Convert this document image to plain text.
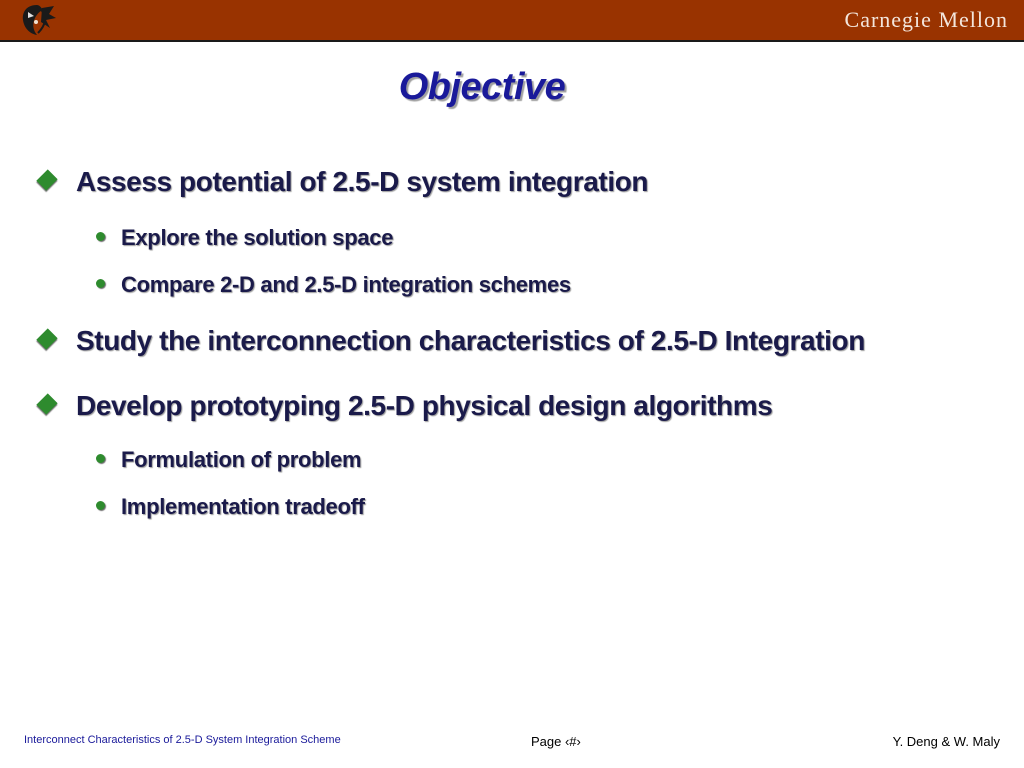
Carnegie Mellon
Objective
Assess potential of 2.5-D system integration
Explore the solution space
Compare 2-D and 2.5-D integration schemes
Study the interconnection characteristics of 2.5-D Integration
Develop prototyping 2.5-D physical design algorithms
Formulation of problem
Implementation tradeoff
Interconnect Characteristics of 2.5-D System Integration Scheme	Page ‹#›	Y. Deng & W. Maly
